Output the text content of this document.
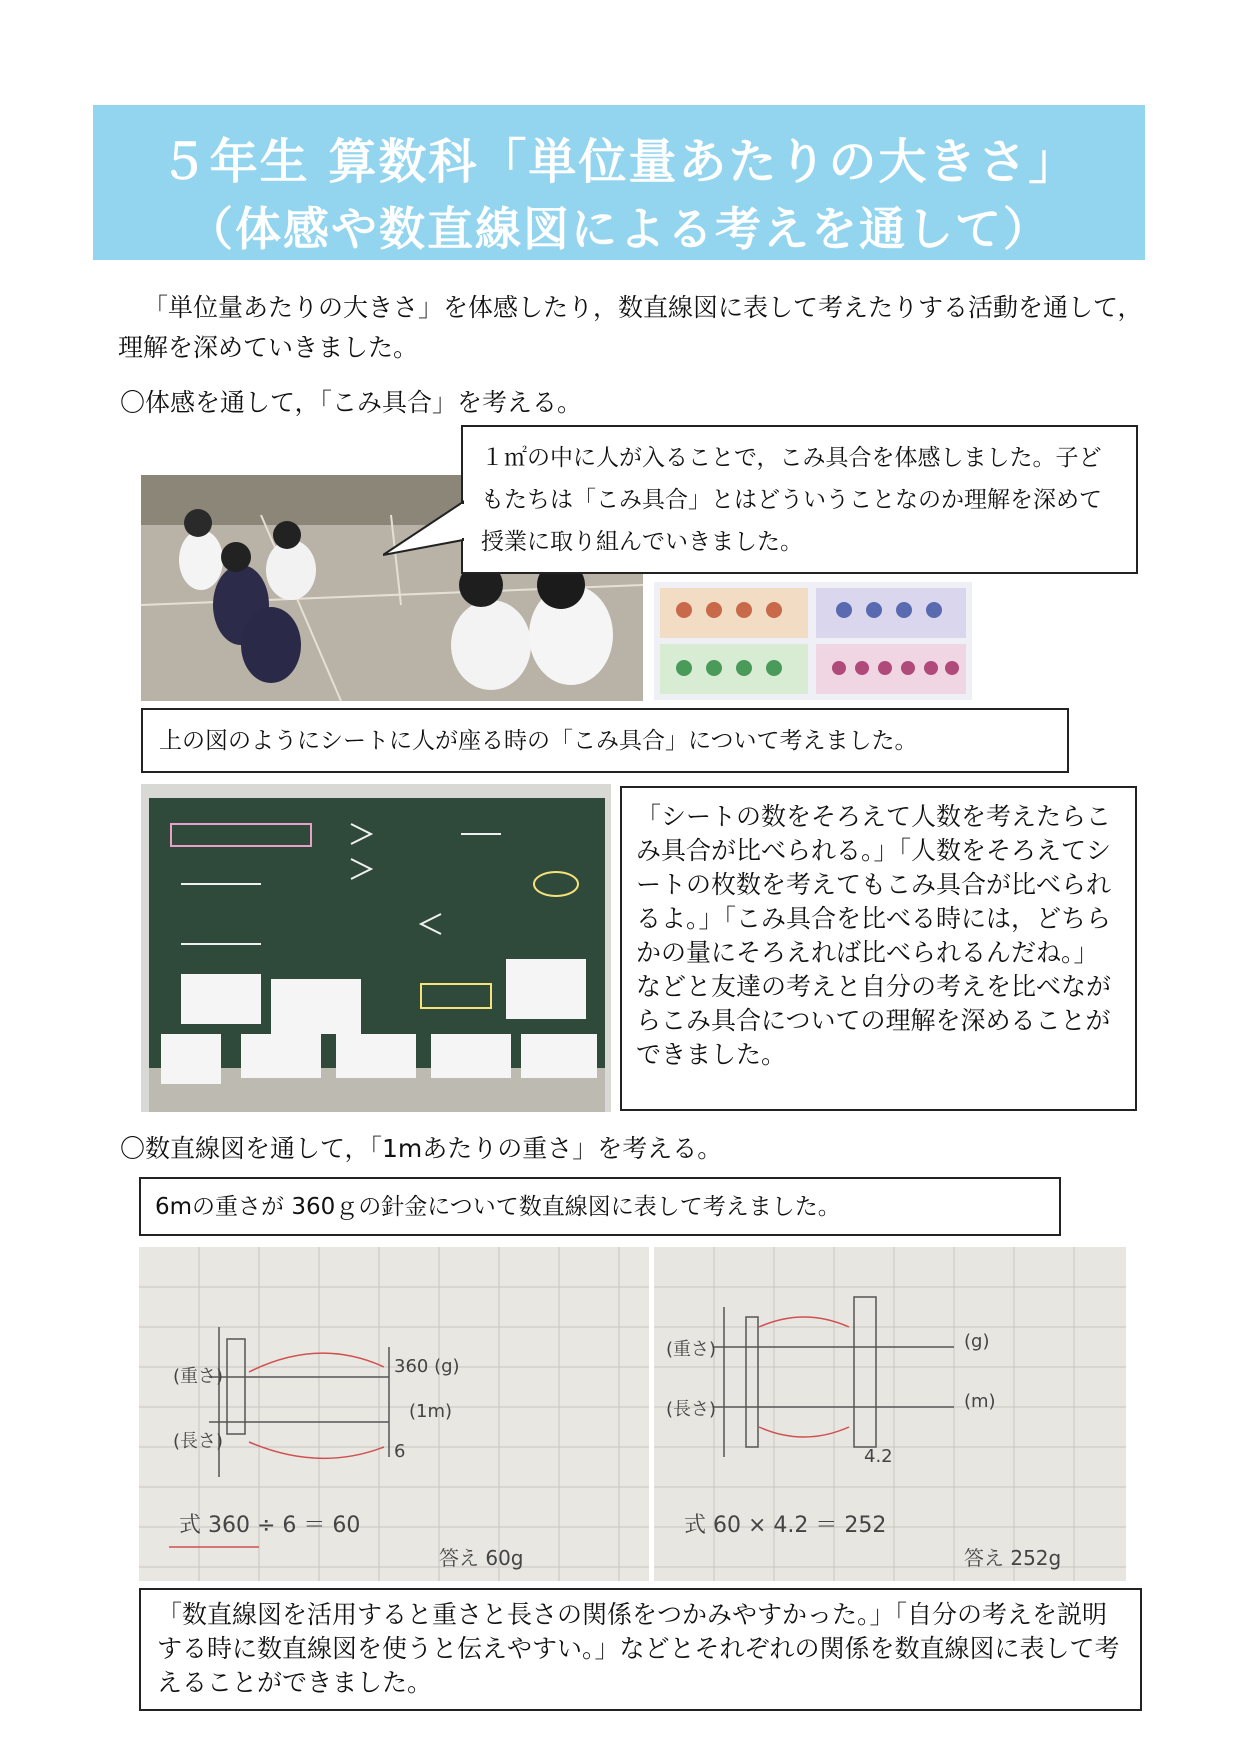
５年生 算数科「単位量あたりの大きさ」
（体感や数直線図による考えを通して）
「単位量あたりの大きさ」を体感したり，数直線図に表して考えたりする活動を通して，理解を深めていきました。
〇体感を通して，「こみ具合」を考える。
１㎡の中に人が入ることで，こみ具合を体感しました。子どもたちは「こみ具合」とはどういうことなのか理解を深めて授業に取り組んでいきました。
上の図のようにシートに人が座る時の「こみ具合」について考えました。
「シートの数をそろえて人数を考えたらこみ具合が比べられる。」「人数をそろえてシートの枚数を考えてもこみ具合が比べられるよ。」「こみ具合を比べる時には，どちらかの量にそろえれば比べられるんだね。」などと友達の考えと自分の考えを比べながらこみ具合についての理解を深めることができました。
〇数直線図を通して，「1mあたりの重さ」を考える。
6mの重さが 360ｇの針金について数直線図に表して考えました。
(重さ)
(長さ)
360 (g)
(1m)
6
式 360 ÷ 6 ＝ 60
答え 60g
(重さ)
(長さ)
(g)
(m)
4.2
式 60 × 4.2 ＝ 252
答え 252g
「数直線図を活用すると重さと長さの関係をつかみやすかった。」「自分の考えを説明する時に数直線図を使うと伝えやすい。」などとそれぞれの関係を数直線図に表して考えることができました。
